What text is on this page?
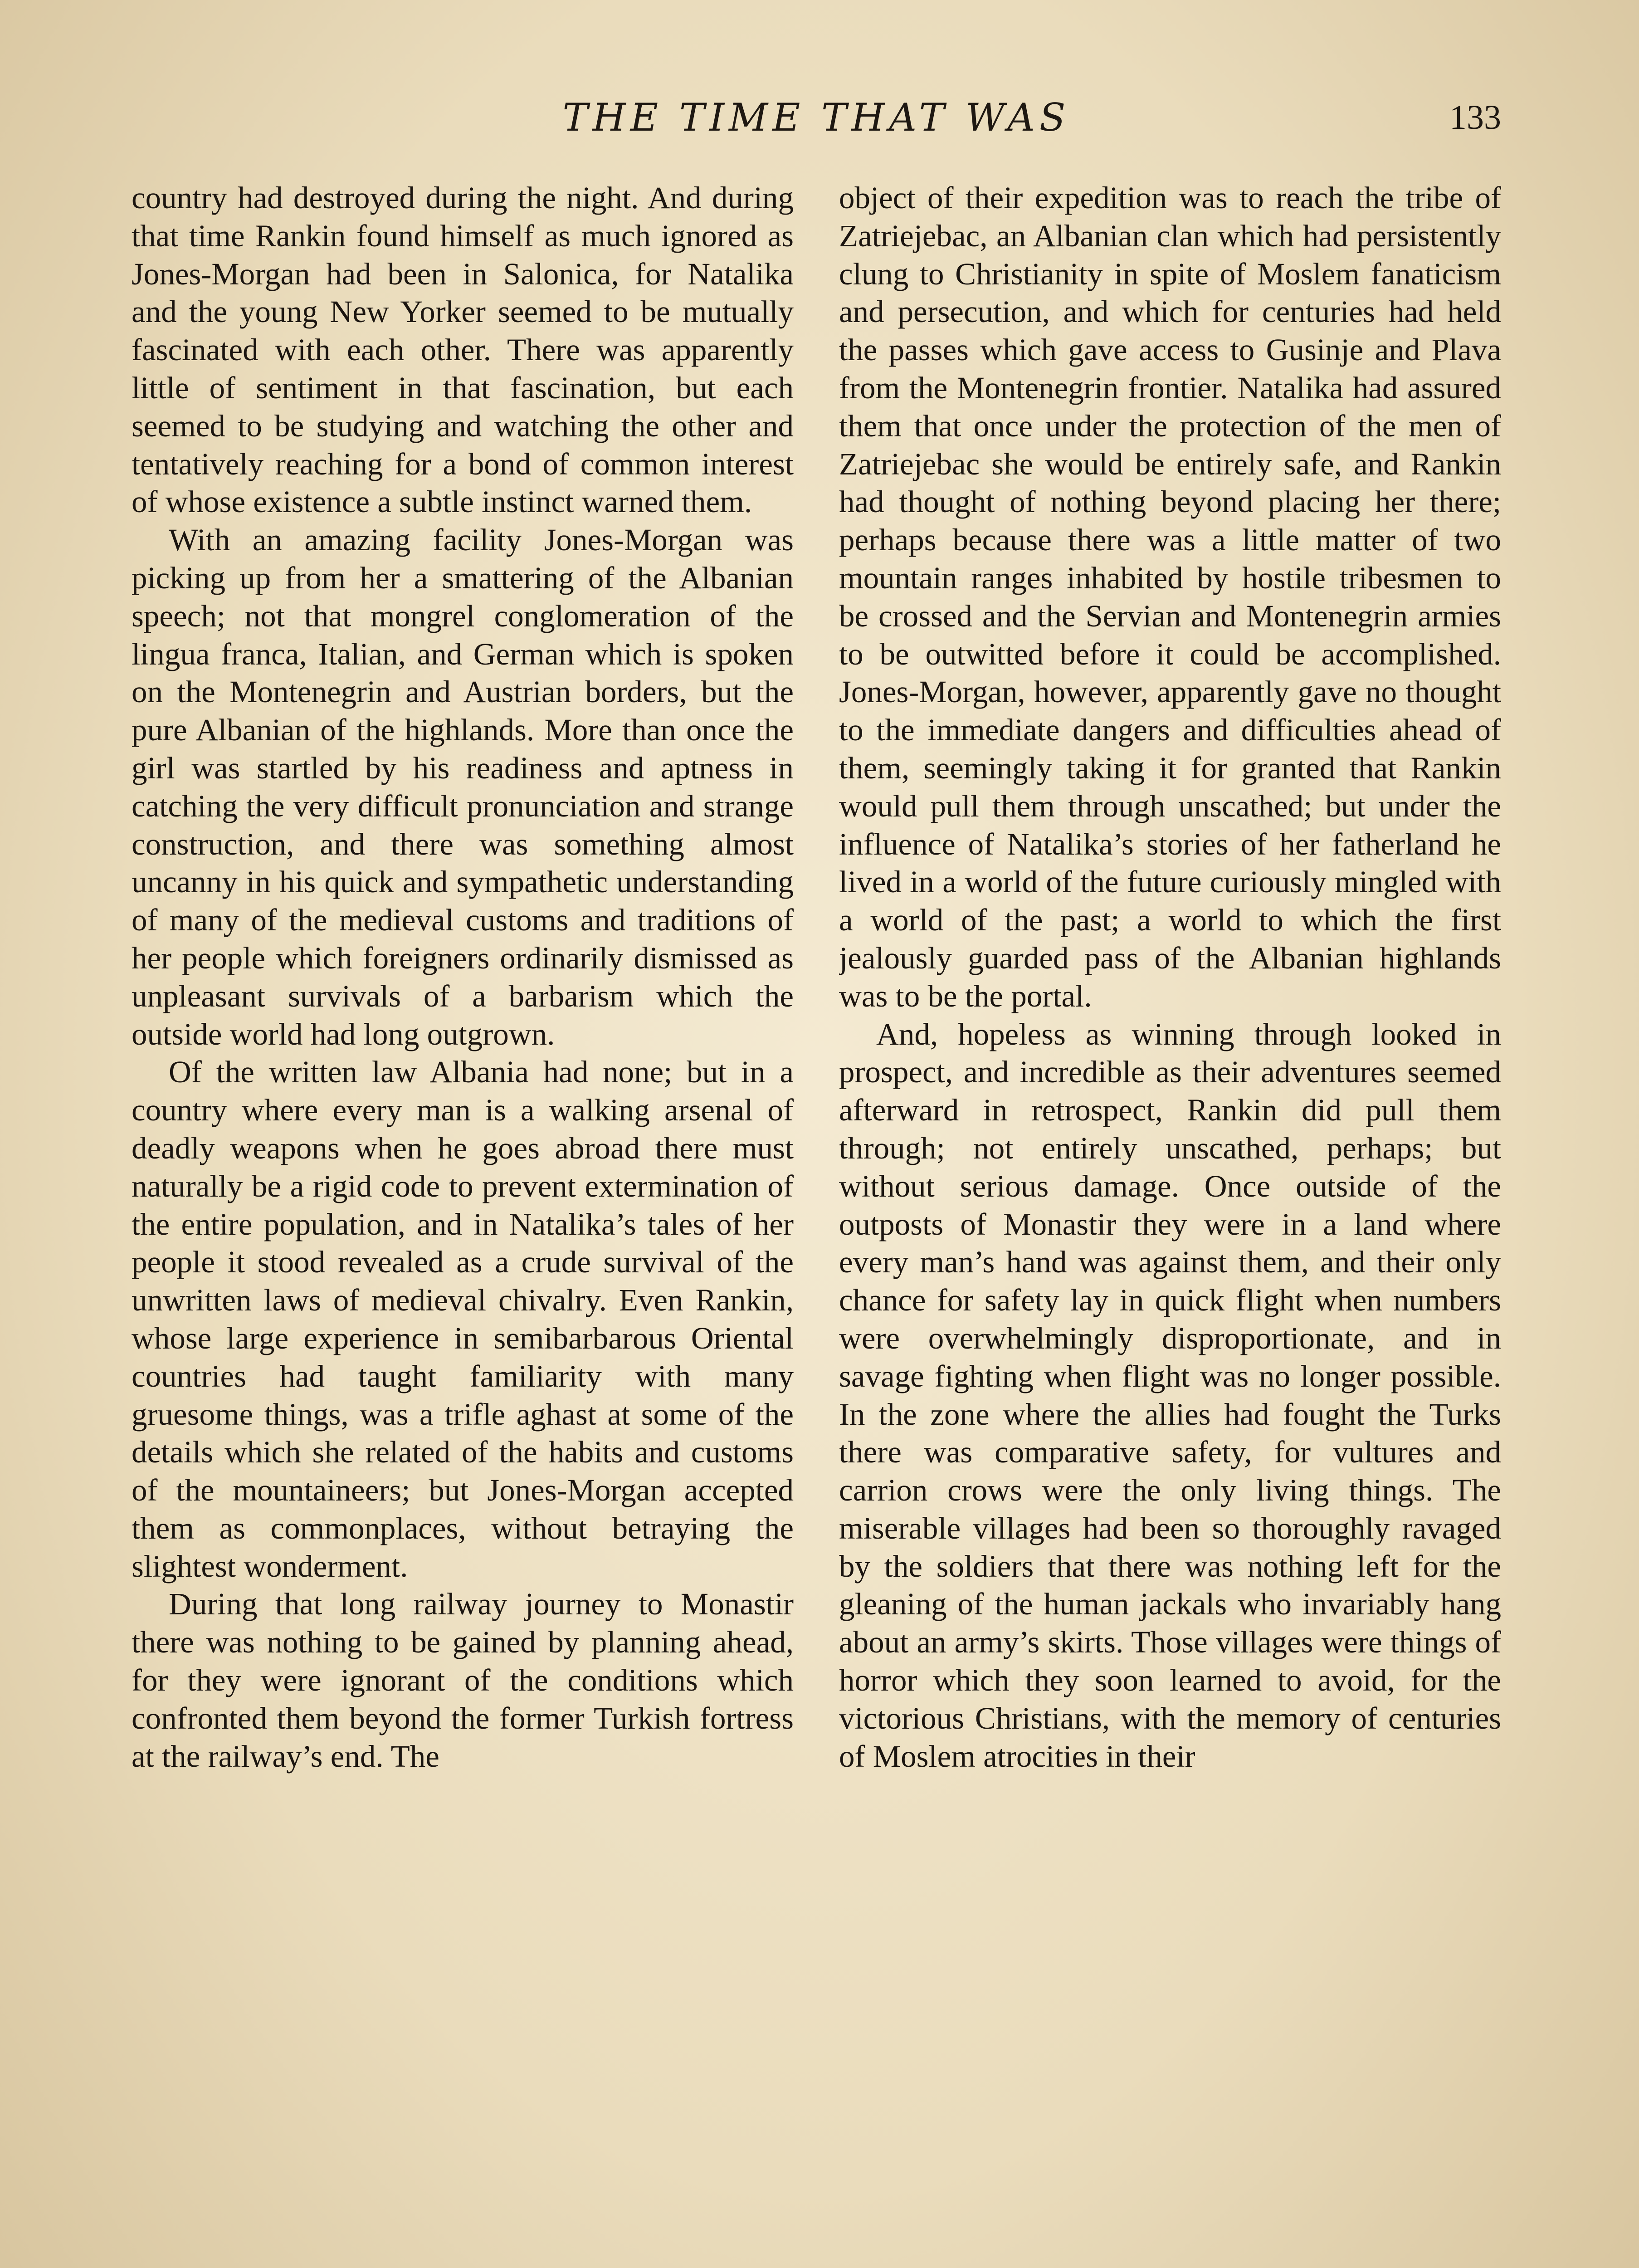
THE TIME THAT WAS	133

country had destroyed during the night. And during that time Rankin found himself as much ignored as Jones-Morgan had been in Salonica, for Natalika and the young New Yorker seemed to be mutually fascinated with each other. There was apparently little of sentiment in that fascination, but each seemed to be studying and watching the other and tentatively reaching for a bond of common interest of whose existence a subtle instinct warned them.

With an amazing facility Jones-Morgan was picking up from her a smattering of the Albanian speech; not that mongrel conglomeration of the lingua franca, Italian, and German which is spoken on the Montenegrin and Austrian borders, but the pure Albanian of the highlands. More than once the girl was startled by his readiness and aptness in catching the very difficult pronunciation and strange construction, and there was something almost uncanny in his quick and sympathetic understanding of many of the medieval customs and traditions of her people which foreigners ordinarily dismissed as unpleasant survivals of a barbarism which the outside world had long outgrown.

Of the written law Albania had none; but in a country where every man is a walking arsenal of deadly weapons when he goes abroad there must naturally be a rigid code to prevent extermination of the entire population, and in Natalika’s tales of her people it stood revealed as a crude survival of the unwritten laws of medieval chivalry. Even Rankin, whose large experience in semibarbarous Oriental countries had taught familiarity with many gruesome things, was a trifle aghast at some of the details which she related of the habits and customs of the mountaineers; but Jones-Morgan accepted them as commonplaces, without betraying the slightest wonderment.

During that long railway journey to Monastir there was nothing to be gained by planning ahead, for they were ignorant of the conditions which confronted them beyond the former Turkish fortress at the railway’s end. The

object of their expedition was to reach the tribe of Zatriejebac, an Albanian clan which had persistently clung to Christianity in spite of Moslem fanaticism and persecution, and which for centuries had held the passes which gave access to Gusinje and Plava from the Montenegrin frontier. Natalika had assured them that once under the protection of the men of Zatriejebac she would be entirely safe, and Rankin had thought of nothing beyond placing her there; perhaps because there was a little matter of two mountain ranges inhabited by hostile tribesmen to be crossed and the Servian and Montenegrin armies to be outwitted before it could be accomplished. Jones-Morgan, however, apparently gave no thought to the immediate dangers and difficulties ahead of them, seemingly taking it for granted that Rankin would pull them through unscathed; but under the influence of Natalika’s stories of her fatherland he lived in a world of the future curiously mingled with a world of the past; a world to which the first jealously guarded pass of the Albanian highlands was to be the portal.

And, hopeless as winning through looked in prospect, and incredible as their adventures seemed afterward in retrospect, Rankin did pull them through; not entirely unscathed, perhaps; but without serious damage. Once outside of the outposts of Monastir they were in a land where every man’s hand was against them, and their only chance for safety lay in quick flight when numbers were overwhelmingly disproportionate, and in savage fighting when flight was no longer possible. In the zone where the allies had fought the Turks there was comparative safety, for vultures and carrion crows were the only living things. The miserable villages had been so thoroughly ravaged by the soldiers that there was nothing left for the gleaning of the human jackals who invariably hang about an army’s skirts. Those villages were things of horror which they soon learned to avoid, for the victorious Christians, with the memory of centuries of Moslem atrocities in their
